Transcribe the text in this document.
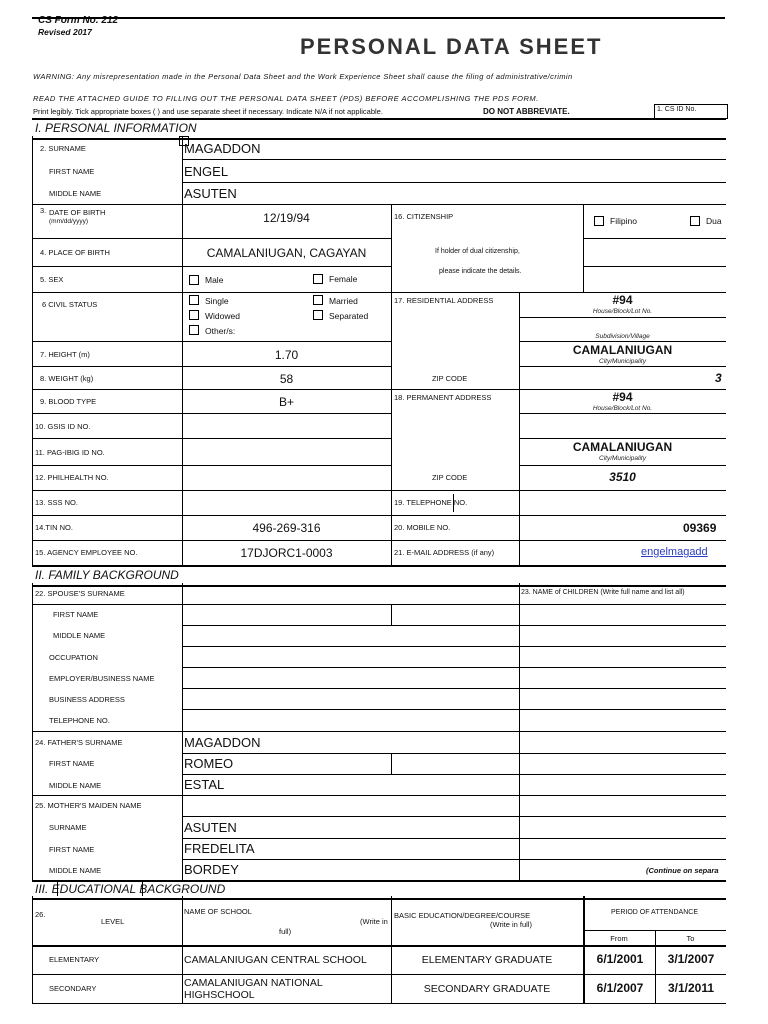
CS Form No. 212
Revised 2017
PERSONAL DATA SHEET
WARNING: Any misrepresentation made in the Personal Data Sheet and the Work Experience Sheet shall cause the filing of administrative/crimin
READ THE ATTACHED GUIDE TO FILLING OUT THE PERSONAL DATA SHEET (PDS) BEFORE ACCOMPLISHING THE PDS FORM.
Print legibly. Tick appropriate boxes ( ) and use separate sheet if necessary. Indicate N/A if not applicable.	DO NOT ABBREVIATE.	1. CS ID No.
I. PERSONAL INFORMATION
2. SURNAME	MAGADDON
FIRST NAME	ENGEL
MIDDLE NAME	ASUTEN
3. DATE OF BIRTH
(mm/dd/yyyy)	12/19/94
4. PLACE OF BIRTH	CAMALANIUGAN, CAGAYAN
5. SEX	Male	Female
6 CIVIL STATUS	Single	Married
Widowed	Separated
Other/s:
7. HEIGHT (m)	1.70
8. WEIGHT (kg)	58
9. BLOOD TYPE	B+
10. GSIS ID NO.
11. PAG-IBIG ID NO.
12. PHILHEALTH NO.
13. SSS NO.
14.TIN NO.	496-269-316
15. AGENCY EMPLOYEE NO.	17DJORC1-0003
16. CITIZENSHIP	Filipino	Dua
If holder of dual citizenship,
please indicate the details.
17. RESIDENTIAL ADDRESS	#94
House/Block/Lot No.
Subdivision/Village
CAMALANIUGAN
City/Municipality
ZIP CODE	3
18. PERMANENT ADDRESS	#94
House/Block/Lot No.
CAMALANIUGAN
City/Municipality
ZIP CODE	3510
19. TELEPHONE NO.
20. MOBILE NO.	09369
21. E-MAIL ADDRESS (if any)	engelmagadd
II. FAMILY BACKGROUND
22. SPOUSE'S SURNAME
FIRST NAME
MIDDLE NAME
OCCUPATION
EMPLOYER/BUSINESS NAME
BUSINESS ADDRESS
TELEPHONE NO.
23. NAME of CHILDREN (Write full name and list all)
24. FATHER'S SURNAME	MAGADDON
FIRST NAME	ROMEO
MIDDLE NAME	ESTAL
25. MOTHER'S MAIDEN NAME
SURNAME	ASUTEN
FIRST NAME	FREDELITA
MIDDLE NAME	BORDEY	(Continue on separa
III. EDUCATIONAL BACKGROUND
26.
LEVEL
NAME OF SCHOOL
(Write in
full)
BASIC EDUCATION/DEGREE/COURSE
(Write in full)
PERIOD OF ATTENDANCE
From	To
ELEMENTARY	CAMALANIUGAN CENTRAL SCHOOL	ELEMENTARY GRADUATE	6/1/2001	3/1/2007
SECONDARY	CAMALANIUGAN NATIONAL
HIGHSCHOOL	SECONDARY GRADUATE	6/1/2007	3/1/2011
